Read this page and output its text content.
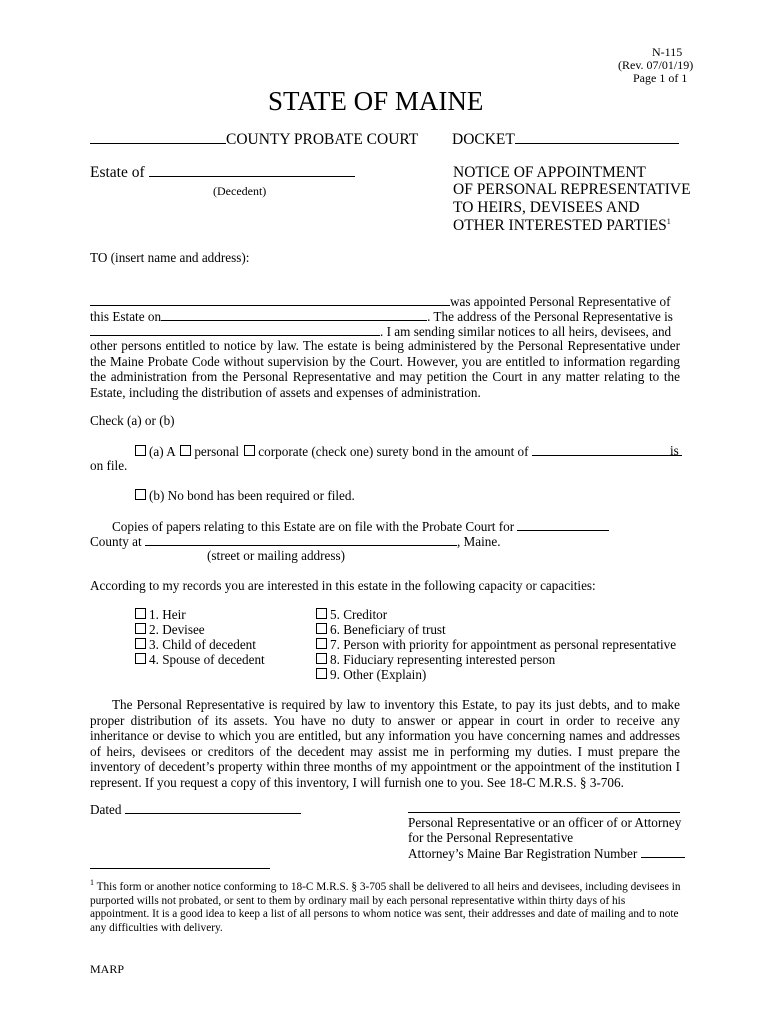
N-115
(Rev. 07/01/19)
Page 1 of 1
STATE OF MAINE
COUNTY PROBATE COURT DOCKET
Estate of
(Decedent)
NOTICE OF APPOINTMENT
OF PERSONAL REPRESENTATIVE
TO HEIRS, DEVISEES AND
OTHER INTERESTED PARTIES$^1$
TO (insert name and address):
was appointed Personal Representative of
this Estate on	. The address of the Personal Representative is
. I am sending similar notices to all heirs, devisees, and
other persons entitled to notice by law. The estate is being administered by the Personal Representative under the Maine Probate Code without supervision by the Court. However, you are entitled to information regarding the administration from the Personal Representative and may petition the Court in any matter relating to the Estate, including the distribution of assets and expenses of administration.
Check (a) or (b)
(a) A personal corporate (check one) surety bond in the amount of	is
on file.
(b) No bond has been required or filed.
Copies of papers relating to this Estate are on file with the Probate Court for
County at	, Maine.
(street or mailing address)
According to my records you are interested in this estate in the following capacity or capacities:
1. Heir
2. Devisee
3. Child of decedent
4. Spouse of decedent
5. Creditor
6. Beneficiary of trust
7. Person with priority for appointment as personal representative
8. Fiduciary representing interested person
9. Other (Explain)
The Personal Representative is required by law to inventory this Estate, to pay its just debts, and to make proper distribution of its assets. You have no duty to answer or appear in court in order to receive any inheritance or devise to which you are entitled, but any information you have concerning names and addresses of heirs, devisees or creditors of the decedent may assist me in performing my duties. I must prepare the inventory of decedent’s property within three months of my appointment or the appointment of the institution I represent. If you request a copy of this inventory, I will furnish one to you. See 18-C M.R.S. § 3-706.
Dated
Personal Representative or an officer of or Attorney
for the Personal Representative
Attorney’s Maine Bar Registration Number
$^1$ This form or another notice conforming to 18-C M.R.S. § 3-705 shall be delivered to all heirs and devisees, including devisees in purported wills not probated, or sent to them by ordinary mail by each personal representative within thirty days of his appointment. It is a good idea to keep a list of all persons to whom notice was sent, their addresses and date of mailing and to note any difficulties with delivery.
MARP
